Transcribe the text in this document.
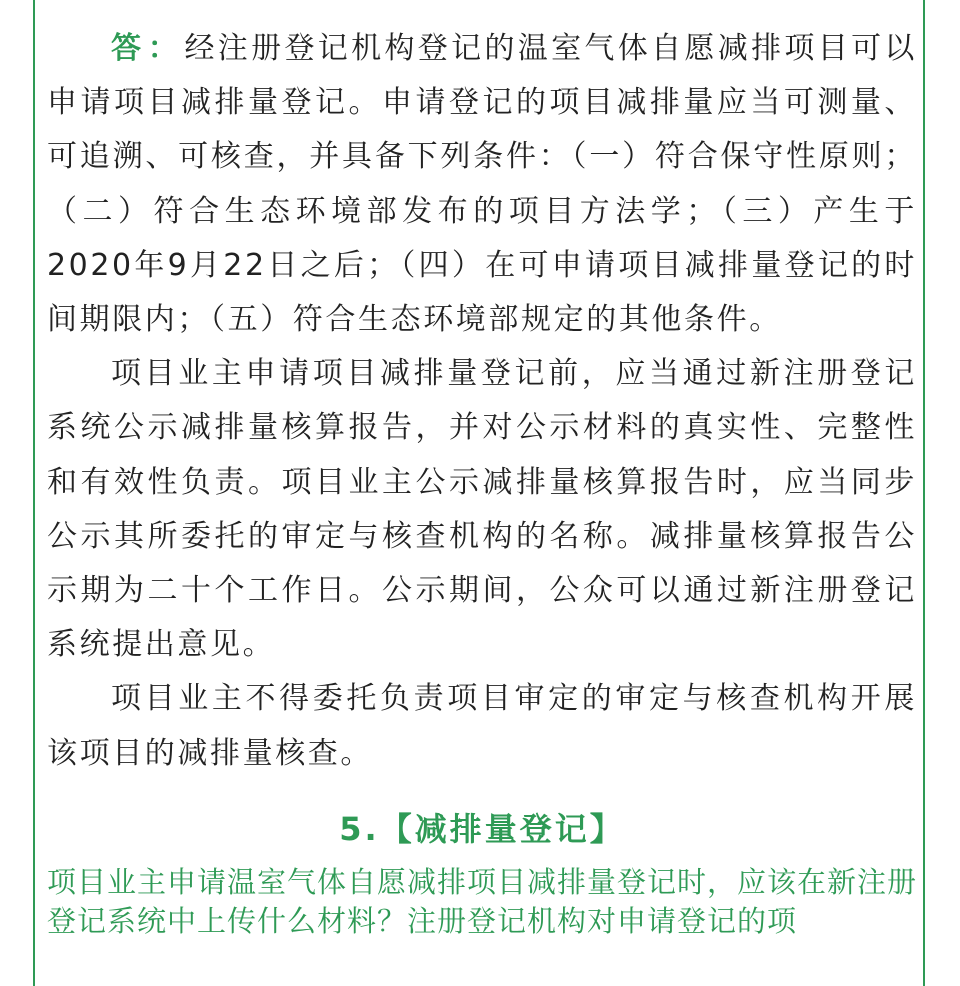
答：经注册登记机构登记的温室气体自愿减排项目可以申请项目减排量登记。申请登记的项目减排量应当可测量、可追溯、可核查，并具备下列条件：（一）符合保守性原则；（二）符合生态环境部发布的项目方法学；（三）产生于2020年9月22日之后；（四）在可申请项目减排量登记的时间期限内；（五）符合生态环境部规定的其他条件。

项目业主申请项目减排量登记前，应当通过新注册登记系统公示减排量核算报告，并对公示材料的真实性、完整性和有效性负责。项目业主公示减排量核算报告时，应当同步公示其所委托的审定与核查机构的名称。减排量核算报告公示期为二十个工作日。公示期间，公众可以通过新注册登记系统提出意见。

项目业主不得委托负责项目审定的审定与核查机构开展该项目的减排量核查。

5.【减排量登记】

项目业主申请温室气体自愿减排项目减排量登记时，应该在新注册登记系统中上传什么材料？注册登记机构对申请登记的项
